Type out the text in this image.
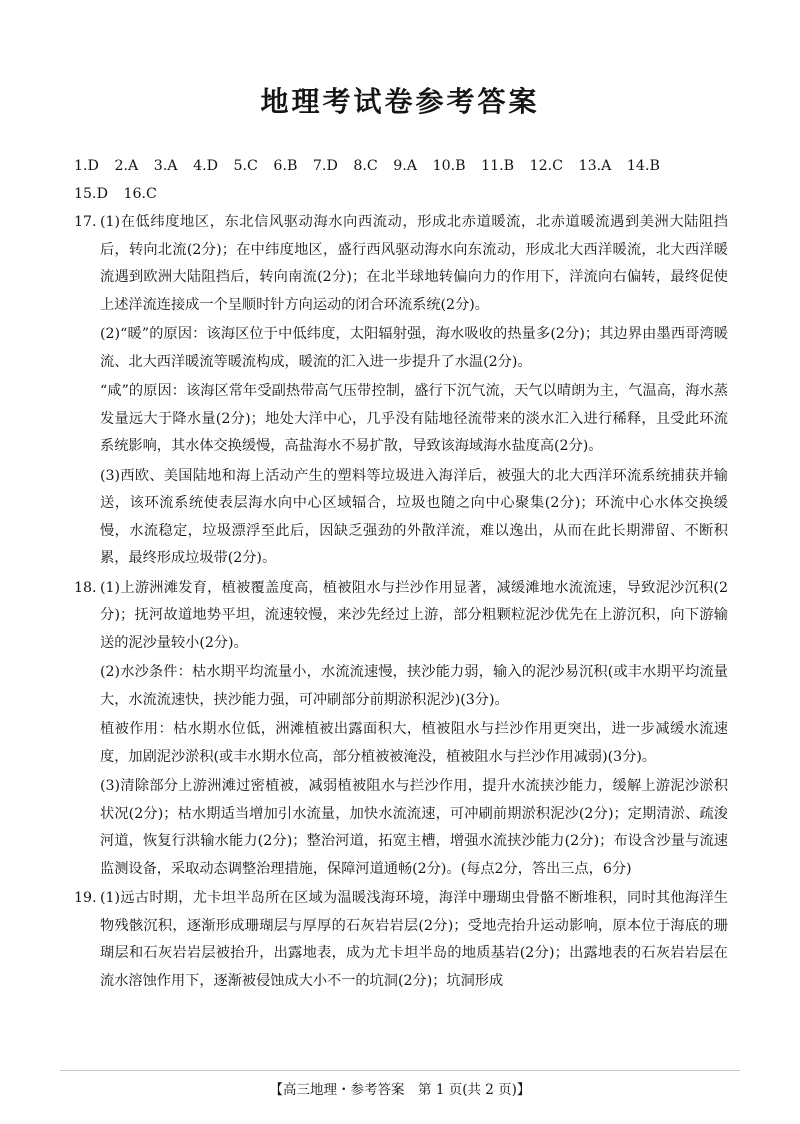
地理考试卷参考答案
1.D 2.A 3.A 4.D 5.C 6.B 7.D 8.C 9.A 10.B 11.B 12.C 13.A 14.B
15.D 16.C
17. (1)在低纬度地区，东北信风驱动海水向西流动，形成北赤道暖流，北赤道暖流遇到美洲大陆阻挡后，转向北流(2分)；在中纬度地区，盛行西风驱动海水向东流动，形成北大西洋暖流，北大西洋暖流遇到欧洲大陆阻挡后，转向南流(2分)；在北半球地转偏向力的作用下，洋流向右偏转，最终促使上述洋流连接成一个呈顺时针方向运动的闭合环流系统(2分)。

(2)“暖”的原因：该海区位于中低纬度，太阳辐射强，海水吸收的热量多(2分)；其边界由墨西哥湾暖流、北大西洋暖流等暖流构成，暖流的汇入进一步提升了水温(2分)。

“咸”的原因：该海区常年受副热带高气压带控制，盛行下沉气流，天气以晴朗为主，气温高，海水蒸发量远大于降水量(2分)；地处大洋中心，几乎没有陆地径流带来的淡水汇入进行稀释，且受此环流系统影响，其水体交换缓慢，高盐海水不易扩散，导致该海域海水盐度高(2分)。

(3)西欧、美国陆地和海上活动产生的塑料等垃圾进入海洋后，被强大的北大西洋环流系统捕获并输送，该环流系统使表层海水向中心区域辐合，垃圾也随之向中心聚集(2分)；环流中心水体交换缓慢，水流稳定，垃圾漂浮至此后，因缺乏强劲的外散洋流，难以逸出，从而在此长期滞留、不断积累，最终形成垃圾带(2分)。

18. (1)上游洲滩发育，植被覆盖度高，植被阻水与拦沙作用显著，减缓滩地水流流速，导致泥沙沉积(2分)；抚河故道地势平坦，流速较慢，来沙先经过上游，部分粗颗粒泥沙优先在上游沉积，向下游输送的泥沙量较小(2分)。

(2)水沙条件：枯水期平均流量小，水流流速慢，挟沙能力弱，输入的泥沙易沉积(或丰水期平均流量大，水流流速快，挟沙能力强，可冲刷部分前期淤积泥沙)(3分)。

植被作用：枯水期水位低，洲滩植被出露面积大，植被阻水与拦沙作用更突出，进一步减缓水流速度，加剧泥沙淤积(或丰水期水位高，部分植被被淹没，植被阻水与拦沙作用减弱)(3分)。

(3)清除部分上游洲滩过密植被，减弱植被阻水与拦沙作用，提升水流挟沙能力，缓解上游泥沙淤积状况(2分)；枯水期适当增加引水流量，加快水流流速，可冲刷前期淤积泥沙(2分)；定期清淤、疏浚河道，恢复行洪输水能力(2分)；整治河道，拓宽主槽，增强水流挟沙能力(2分)；布设含沙量与流速监测设备，采取动态调整治理措施，保障河道通畅(2分)。(每点2分，答出三点，6分)

19. (1)远古时期，尤卡坦半岛所在区域为温暖浅海环境，海洋中珊瑚虫骨骼不断堆积，同时其他海洋生物残骸沉积，逐渐形成珊瑚层与厚厚的石灰岩岩层(2分)；受地壳抬升运动影响，原本位于海底的珊瑚层和石灰岩岩层被抬升，出露地表，成为尤卡坦半岛的地质基岩(2分)；出露地表的石灰岩岩层在流水溶蚀作用下，逐渐被侵蚀成大小不一的坑洞(2分)；坑洞形成

【高三地理・参考答案　第 1 页(共 2 页)】
